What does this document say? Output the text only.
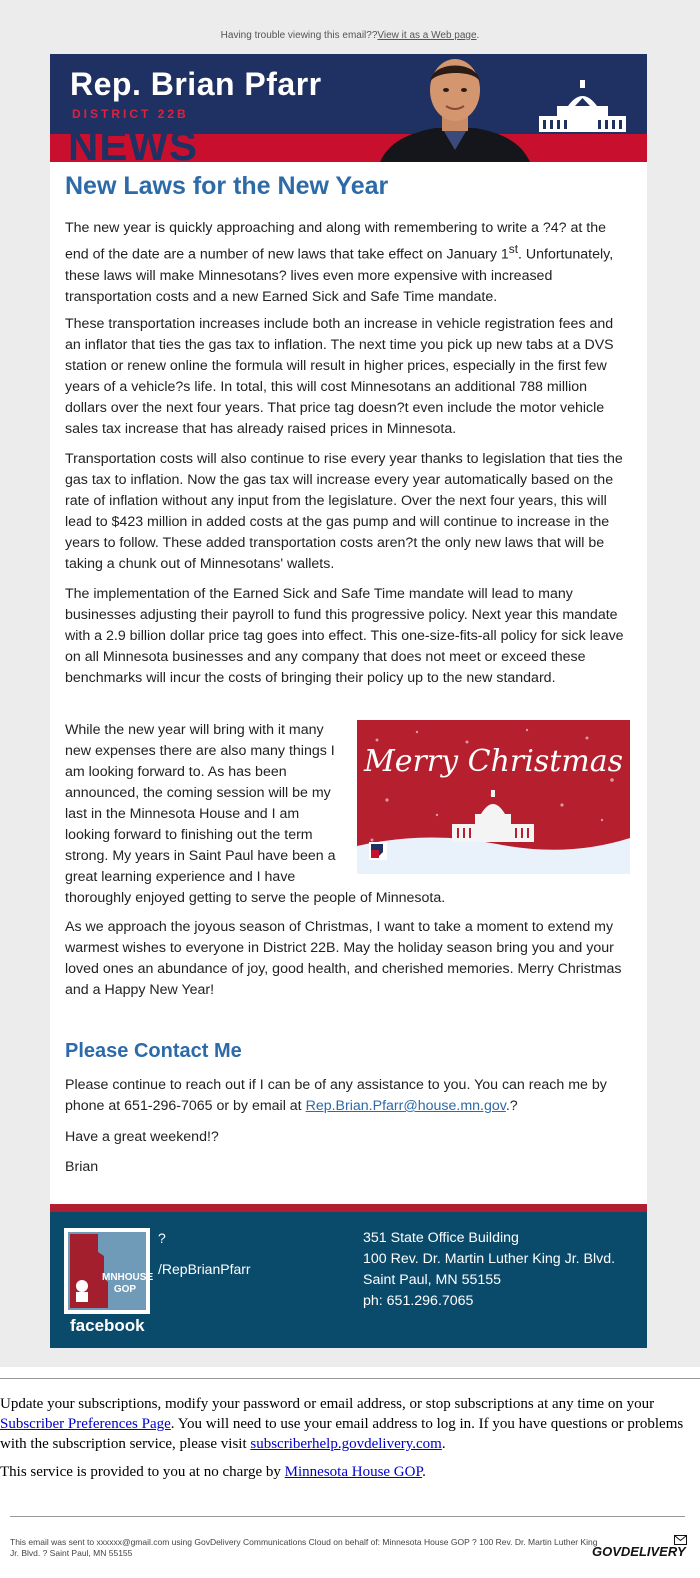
Having trouble viewing this email??View it as a Web page.
Rep. Brian Pfarr
DISTRICT 22B
NEWS
New Laws for the New Year

The new year is quickly approaching and along with remembering to write a ?4? at the end of the date are a number of new laws that take effect on January 1st. Unfortunately, these laws will make Minnesotans? lives even more expensive with increased transportation costs and a new Earned Sick and Safe Time mandate.

These transportation increases include both an increase in vehicle registration fees and an inflator that ties the gas tax to inflation. The next time you pick up new tabs at a DVS station or renew online the formula will result in higher prices, especially in the first few years of a vehicle?s life. In total, this will cost Minnesotans an additional 788 million dollars over the next four years. That price tag doesn?t even include the motor vehicle sales tax increase that has already raised prices in Minnesota.

Transportation costs will also continue to rise every year thanks to legislation that ties the gas tax to inflation. Now the gas tax will increase every year automatically based on the rate of inflation without any input from the legislature. Over the next four years, this will lead to $423 million in added costs at the gas pump and will continue to increase in the years to follow. These added transportation costs aren?t the only new laws that will be taking a chunk out of Minnesotans' wallets.

The implementation of the Earned Sick and Safe Time mandate will lead to many businesses adjusting their payroll to fund this progressive policy. Next year this mandate with a 2.9 billion dollar price tag goes into effect. This one-size-fits-all policy for sick leave on all Minnesota businesses and any company that does not meet or exceed these benchmarks will incur the costs of bringing their policy up to the new standard.

Merry Christmas

While the new year will bring with it many new expenses there are also many things I am looking forward to. As has been announced, the coming session will be my last in the Minnesota House and I am looking forward to finishing out the term strong. My years in Saint Paul have been a great learning experience and I have thoroughly enjoyed getting to serve the people of Minnesota.

As we approach the joyous season of Christmas, I want to take a moment to extend my warmest wishes to everyone in District 22B. May the holiday season bring you and your loved ones an abundance of joy, good health, and cherished memories. Merry Christmas and a Happy New Year!

Please Contact Me

Please continue to reach out if I can be of any assistance to you. You can reach me by phone at 651-296-7065 or by email at Rep.Brian.Pfarr@house.mn.gov.?

Have a great weekend!?

Brian

MNHOUSE GOP
facebook
?
/RepBrianPfarr
351 State Office Building
100 Rev. Dr. Martin Luther King Jr. Blvd.
Saint Paul, MN 55155
ph: 651.296.7065
Update your subscriptions, modify your password or email address, or stop subscriptions at any time on your Subscriber Preferences Page. You will need to use your email address to log in. If you have questions or problems with the subscription service, please visit subscriberhelp.govdelivery.com.
This service is provided to you at no charge by Minnesota House GOP.
This email was sent to xxxxxx@gmail.com using GovDelivery Communications Cloud on behalf of: Minnesota House GOP ? 100 Rev. Dr. Martin Luther King Jr. Blvd. ? Saint Paul, MN 55155	GOVDELIVERY
